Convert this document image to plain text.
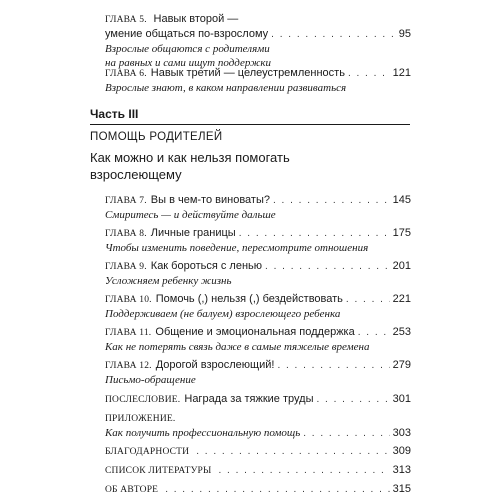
ГЛАВА 5. Навык второй —
умение общаться по-взрослому . . .	95
Взрослые общаются с родителями
на равных и сами ищут поддержки
ГЛАВА 6. Навык третий — целеустремленность . . .	121
Взрослые знают, в каком направлении развиваться
Часть III
ПОМОЩЬ РОДИТЕЛЕЙ
Как можно и как нельзя помогать взрослеющему
ГЛАВА 7. Вы в чем-то виноваты? . . .	145
Смиритесь — и действуйте дальше
ГЛАВА 8. Личные границы . . .	175
Чтобы изменить поведение, пересмотрите отношения
ГЛАВА 9. Как бороться с ленью . . .	201
Усложняем ребенку жизнь
ГЛАВА 10. Помочь (,) нельзя (,) бездействовать . . .	221
Поддерживаем (не балуем) взрослеющего ребенка
ГЛАВА 11. Общение и эмоциональная поддержка . . .	253
Как не потерять связь даже в самые тяжелые времена
ГЛАВА 12. Дорогой взрослеющий! . . .	279
Письмо-обращение
ПОСЛЕСЛОВИЕ. Награда за тяжкие труды . . .	301
ПРИЛОЖЕНИЕ.
Как получить профессиональную помощь . . .	303
БЛАГОДАРНОСТИ . . .	309
СПИСОК ЛИТЕРАТУРЫ . . .	313
ОБ АВТОРЕ . . .	315
